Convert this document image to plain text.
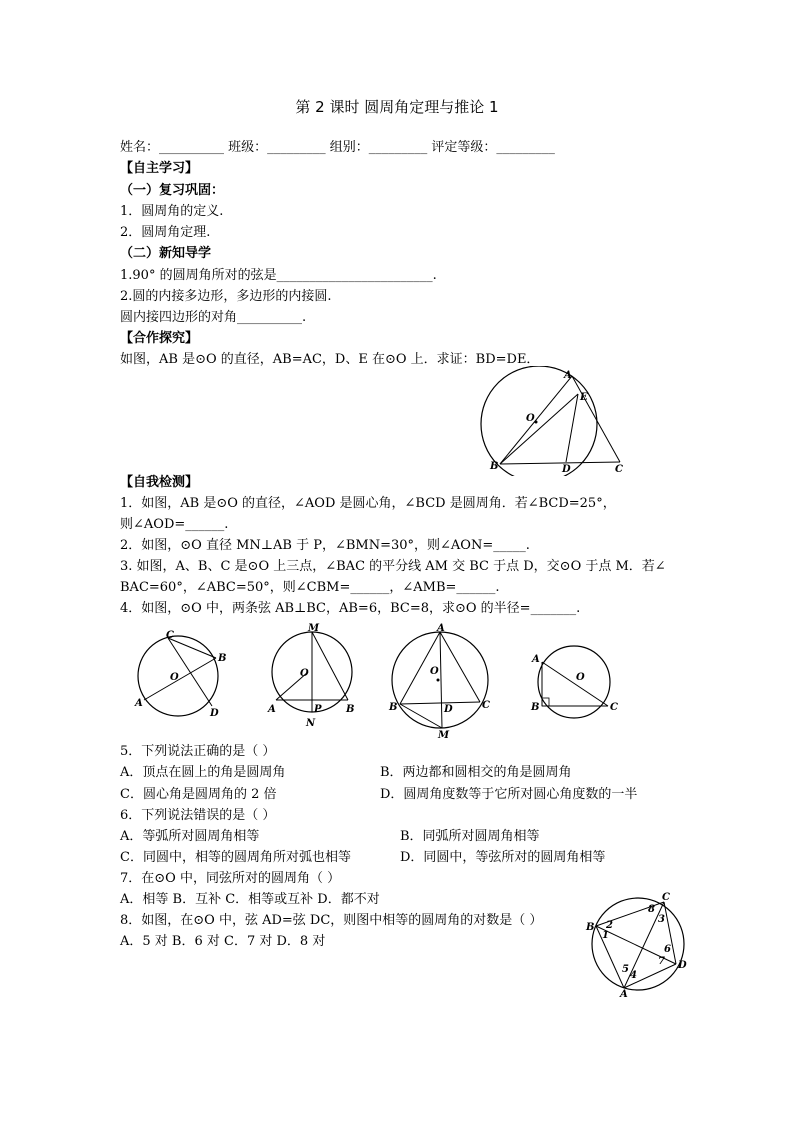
第 2 课时 圆周角定理与推论 1
姓名：__________ 班级：_________ 组别：_________ 评定等级：_________
【自主学习】
（一）复习巩固：
1．圆周角的定义.
2．圆周角定理.
（二）新知导学
1.90° 的圆周角所对的弦是________________________.
2.圆的内接多边形，多边形的内接圆.
圆内接四边形的对角__________.
【合作探究】
如图，AB 是⊙O 的直径，AB=AC，D、E 在⊙O 上．求证：BD=DE．
A
E
O
B	D	C
【自我检测】
1．如图，AB 是⊙O 的直径，∠AOD 是圆心角，∠BCD 是圆周角．若∠BCD=25°，
则∠AOD=______.
2．如图，⊙O 直径 MN⊥AB 于 P，∠BMN=30°，则∠AON=_____.
3. 如图，A、B、C 是⊙O 上三点，∠BAC 的平分线 AM 交 BC 于点 D，交⊙O 于点 M．若∠
BAC=60°，∠ABC=50°，则∠CBM=______，∠AMB=______.
4．如图，⊙O 中，两条弦 AB⊥BC，AB=6，BC=8，求⊙O 的半径=_______.
C
B
O
A
D
M
O
A	P B
N
A
O
B	D	C
M
A
O
B	C
5．下列说法正确的是（ ）
A．顶点在圆上的角是圆周角	B．两边都和圆相交的角是圆周角
C．圆心角是圆周角的 2 倍	D．圆周角度数等于它所对圆心角度数的一半
6．下列说法错误的是（ ）
A．等弧所对圆周角相等	B．同弧所对圆周角相等
C．同圆中，相等的圆周角所对弧也相等	D．同圆中，等弦所对的圆周角相等
7．在⊙O 中，同弦所对的圆周角（ ）
A．相等 B．互补 C．相等或互补 D．都不对
8．如图，在⊙O 中，弦 AD=弦 DC，则图中相等的圆周角的对数是（ ）
A．5 对 B．6 对 C．7 对 D．8 对
C
B
D
A
1
2
3
4
5
6
7
8
